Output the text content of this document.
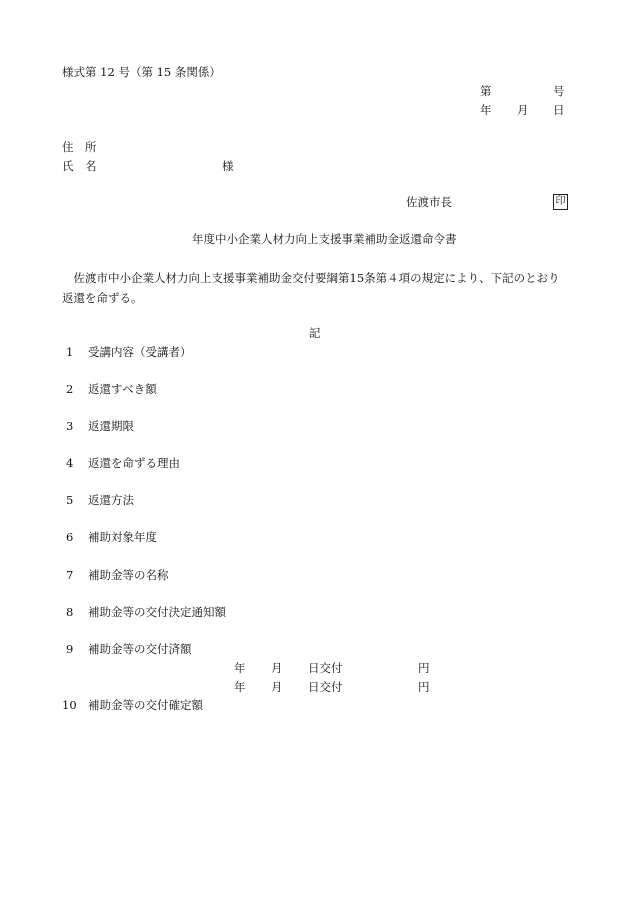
様式第 12 号（第 15 条関係）
第	号
年 月 日
住　所
氏　名	様
佐渡市長	印
年度中小企業人材力向上支援事業補助金返還命令書
佐渡市中小企業人材力向上支援事業補助金交付要綱第15条第４項の規定により、下記のとおり返還を命ずる。
記
1 受講内容（受講者）
2 返還すべき額
3 返還期限
4 返還を命ずる理由
5 返還方法
6 補助対象年度
7 補助金等の名称
8 補助金等の交付決定通知額
9 補助金等の交付済額
年 月 日交付	円
年 月 日交付	円
10 補助金等の交付確定額
